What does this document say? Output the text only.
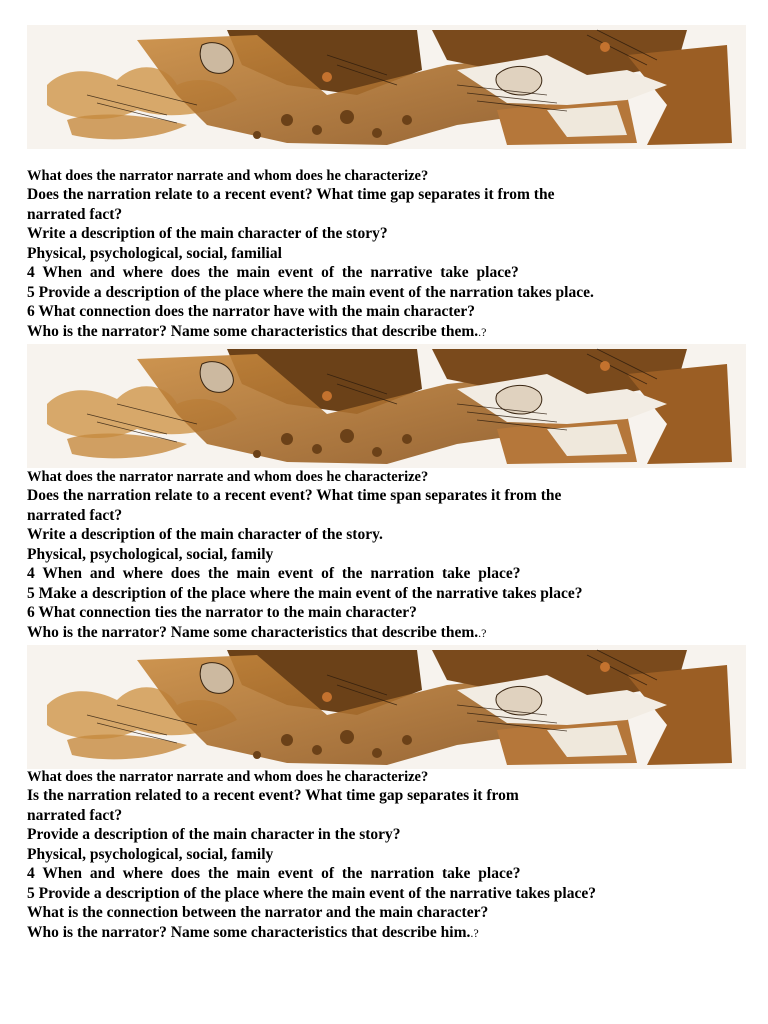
What does the narrator narrate and whom does he characterize?
Does the narration relate to a recent event? What time gap separates it from the
narrated fact?
Write a description of the main character of the story?
Physical, psychological, social, familial
4 When and where does the main event of the narrative take place?
5 Provide a description of the place where the main event of the narration takes place.
6 What connection does the narrator have with the main character?
Who is the narrator? Name some characteristics that describe them..?
What does the narrator narrate and whom does he characterize?
Does the narration relate to a recent event? What time span separates it from the
narrated fact?
Write a description of the main character of the story.
Physical, psychological, social, family
4 When and where does the main event of the narration take place?
5 Make a description of the place where the main event of the narrative takes place?
6 What connection ties the narrator to the main character?
Who is the narrator? Name some characteristics that describe them..?
What does the narrator narrate and whom does he characterize?
Is the narration related to a recent event? What time gap separates it from
narrated fact?
Provide a description of the main character in the story?
Physical, psychological, social, family
4 When and where does the main event of the narration take place?
5 Provide a description of the place where the main event of the narrative takes place?
What is the connection between the narrator and the main character?
Who is the narrator? Name some characteristics that describe him..?
